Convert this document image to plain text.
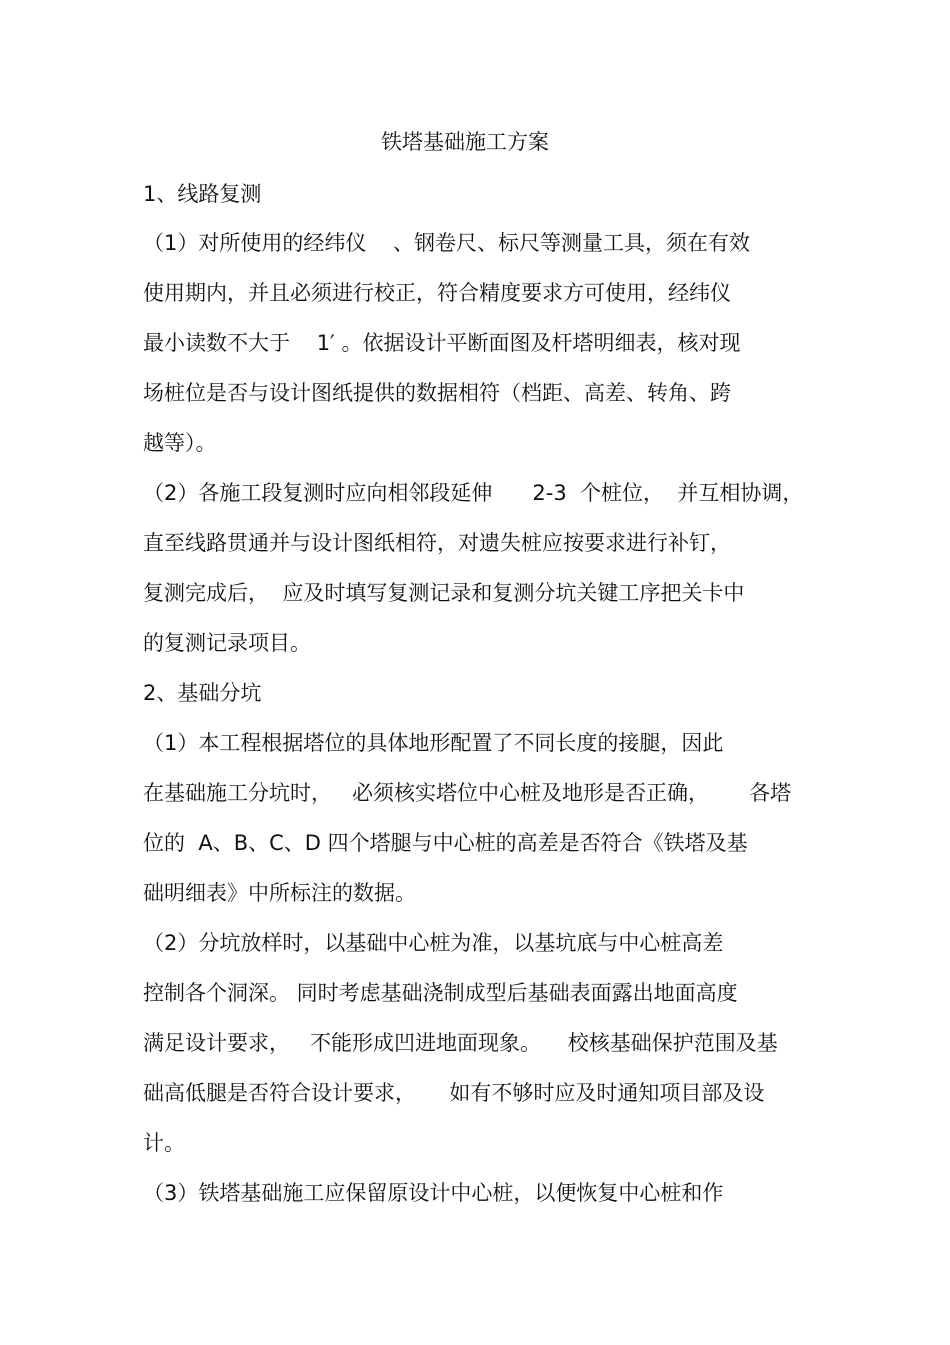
铁塔基础施工方案
1、线路复测
（1）对所使用的经纬仪    、钢卷尺、标尺等测量工具，须在有效
使用期内，并且必须进行校正，符合精度要求方可使用，经纬仪
最小读数不大于    1′ 。依据设计平断面图及杆塔明细表，核对现
场桩位是否与设计图纸提供的数据相符（档距、高差、转角、跨
越等）。
（2）各施工段复测时应向相邻段延伸      2-3  个桩位，  并互相协调，
直至线路贯通并与设计图纸相符，对遗失桩应按要求进行补钉，
复测完成后，  应及时填写复测记录和复测分坑关键工序把关卡中
的复测记录项目。
2、基础分坑
（1）本工程根据塔位的具体地形配置了不同长度的接腿，因此
在基础施工分坑时，   必须核实塔位中心桩及地形是否正确，      各塔
位的  A、B、C、D 四个塔腿与中心桩的高差是否符合《铁塔及基
础明细表》中所标注的数据。
（2）分坑放样时，以基础中心桩为准，以基坑底与中心桩高差
控制各个洞深。 同时考虑基础浇制成型后基础表面露出地面高度
满足设计要求，   不能形成凹进地面现象。    校核基础保护范围及基
础高低腿是否符合设计要求，     如有不够时应及时通知项目部及设
计。
（3）铁塔基础施工应保留原设计中心桩，以便恢复中心桩和作
